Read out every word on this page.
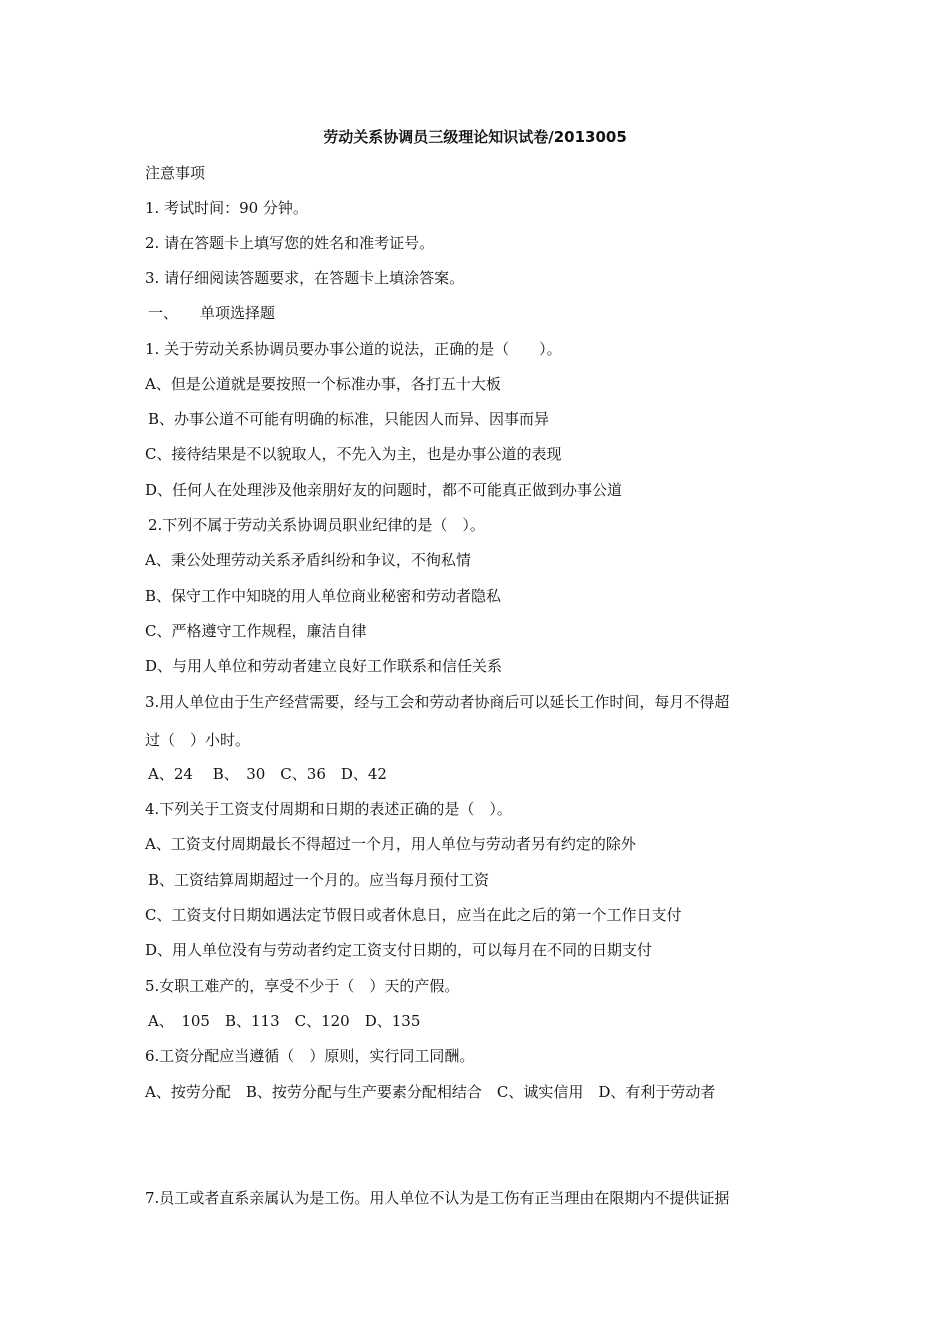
劳动关系协调员三级理论知识试卷/2013005
注意事项
1. 考试时间：90 分钟。
2. 请在答题卡上填写您的姓名和准考证号。
3. 请仔细阅读答题要求，在答题卡上填涂答案。
一、 单项选择题
1. 关于劳动关系协调员要办事公道的说法，正确的是（　　）。
A、但是公道就是要按照一个标准办事，各打五十大板
B、办事公道不可能有明确的标准，只能因人而异、因事而异
C、接待结果是不以貌取人，不先入为主，也是办事公道的表现
D、任何人在处理涉及他亲朋好友的问题时，都不可能真正做到办事公道
2.下列不属于劳动关系协调员职业纪律的是（　）。
A、秉公处理劳动关系矛盾纠纷和争议，不徇私情
B、保守工作中知晓的用人单位商业秘密和劳动者隐私
C、严格遵守工作规程，廉洁自律
D、与用人单位和劳动者建立良好工作联系和信任关系
3.用人单位由于生产经营需要，经与工会和劳动者协商后可以延长工作时间，每月不得超
过（　）小时。
A、24　 B、　30　C、36　D、42
4.下列关于工资支付周期和日期的表述正确的是（　）。
A、工资支付周期最长不得超过一个月，用人单位与劳动者另有约定的除外
B、工资结算周期超过一个月的。应当每月预付工资
C、工资支付日期如遇法定节假日或者休息日，应当在此之后的第一个工作日支付
D、用人单位没有与劳动者约定工资支付日期的，可以每月在不同的日期支付
5.女职工难产的，享受不少于（　）天的产假。
A、　105　B、113　C、120　D、135
6.工资分配应当遵循（　）原则，实行同工同酬。
A、按劳分配　B、按劳分配与生产要素分配相结合　C、诚实信用　D、有利于劳动者
7.员工或者直系亲属认为是工伤。用人单位不认为是工伤有正当理由在限期内不提供证据
